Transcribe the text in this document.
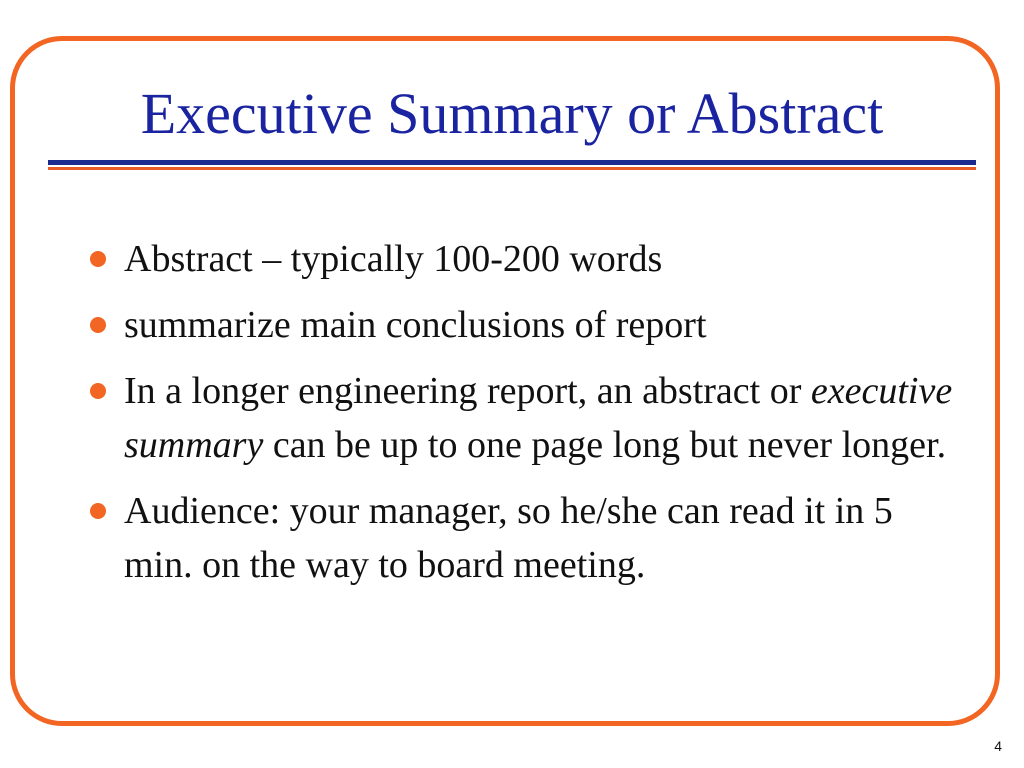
Executive Summary or Abstract
Abstract – typically 100-200 words
summarize main conclusions of report
In a longer engineering report, an abstract or executive summary can be up to one page long but never longer.
Audience: your manager, so he/she can read it in 5 min. on the way to board meeting.
4
